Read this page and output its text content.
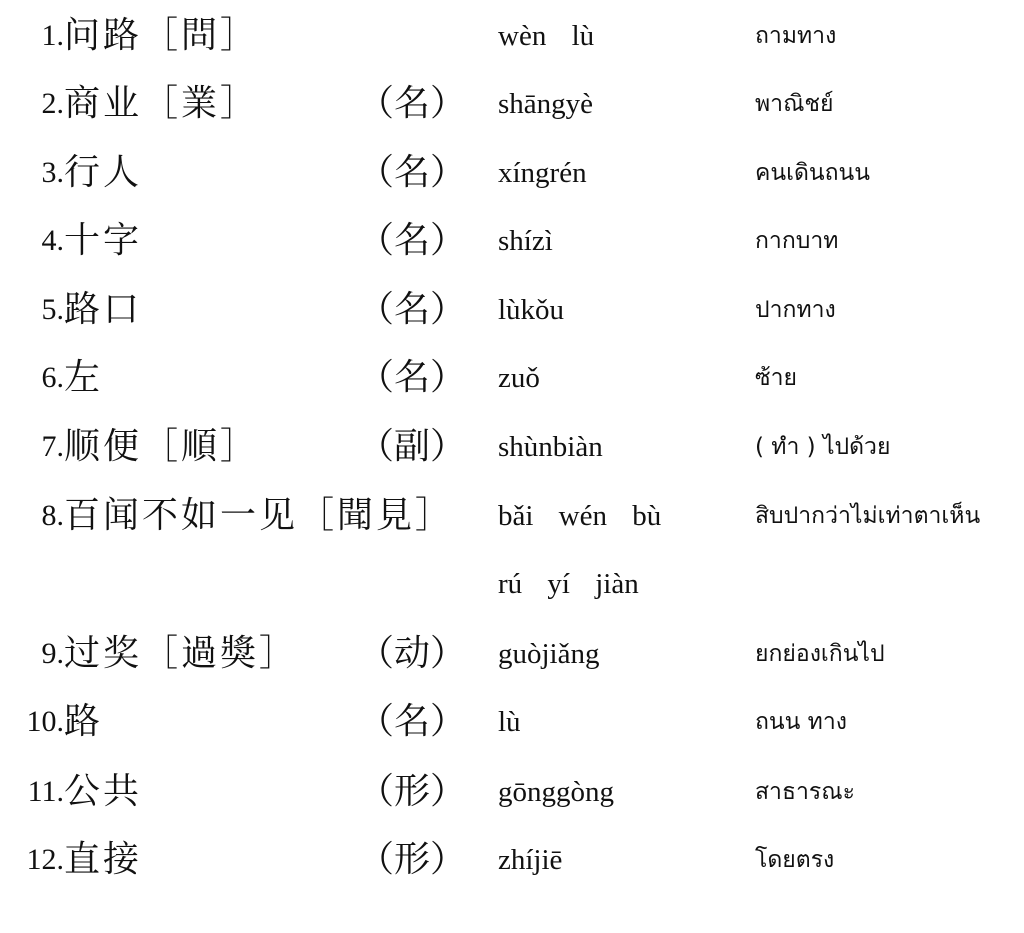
1. 问路［問］	wèn lù	ถามทาง
2. 商业［業］	（名） shāngyè	พาณิชย์
3. 行人	（名） xíngrén	คนเดินถนน
4. 十字	（名） shízì	กากบาท
5. 路口	（名） lùkǒu	ปากทาง
6. 左	（名） zuǒ	ซ้าย
7. 顺便［順］	（副） shùnbiàn	( ทำ ) ไปด้วย
8. 百闻不如一见［聞見］ bǎi wén bù	สิบปากว่าไม่เท่าตาเห็น
rú yí jiàn
9. 过奖［過獎］ （动） guòjiǎng	ยกย่องเกินไป
10. 路	（名） lù	ถนน ทาง
11. 公共	（形） gōnggòng	สาธารณะ
12. 直接	（形） zhíjiē	โดยตรง
